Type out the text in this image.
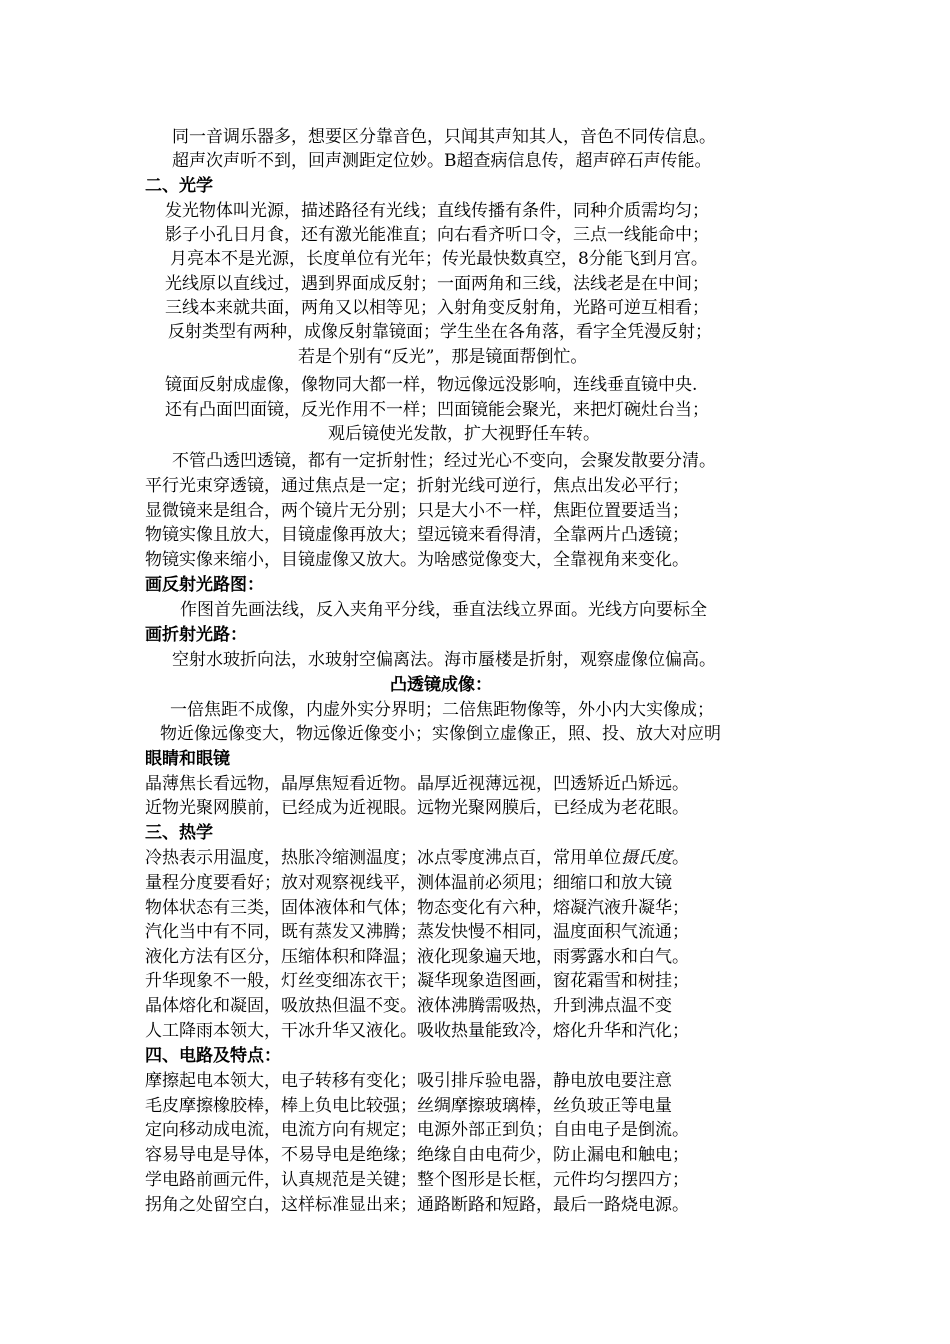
同一音调乐器多，想要区分靠音色，只闻其声知其人，音色不同传信息。
超声次声听不到，回声测距定位妙。B超查病信息传，超声碎石声传能。
二、光学
发光物体叫光源，描述路径有光线；直线传播有条件，同种介质需均匀；
影子小孔日月食，还有激光能准直；向右看齐听口令，三点一线能命中；
月亮本不是光源，长度单位有光年；传光最快数真空，8分能飞到月宫。
光线原以直线过，遇到界面成反射；一面两角和三线，法线老是在中间；
三线本来就共面，两角又以相等见；入射角变反射角，光路可逆互相看；
反射类型有两种，成像反射靠镜面；学生坐在各角落，看字全凭漫反射；
若是个别有“反光”，那是镜面帮倒忙。
镜面反射成虚像，像物同大都一样，物远像远没影响，连线垂直镜中央.
还有凸面凹面镜，反光作用不一样；凹面镜能会聚光，来把灯碗灶台当；
观后镜使光发散，扩大视野任车转。
不管凸透凹透镜，都有一定折射性；经过光心不变向，会聚发散要分清。
平行光束穿透镜，通过焦点是一定；折射光线可逆行，焦点出发必平行；
显微镜来是组合，两个镜片无分别；只是大小不一样，焦距位置要适当；
物镜实像且放大，目镜虚像再放大；望远镜来看得清，全靠两片凸透镜；
物镜实像来缩小，目镜虚像又放大。为啥感觉像变大，全靠视角来变化。
画反射光路图：
作图首先画法线，反入夹角平分线，垂直法线立界面。光线方向要标全
画折射光路：
空射水玻折向法，水玻射空偏离法。海市蜃楼是折射，观察虚像位偏高。
凸透镜成像：
一倍焦距不成像，内虚外实分界明；二倍焦距物像等，外小内大实像成；
物近像远像变大，物远像近像变小；实像倒立虚像正，照、投、放大对应明
眼睛和眼镜
晶薄焦长看远物，晶厚焦短看近物。晶厚近视薄远视，凹透矫近凸矫远。
近物光聚网膜前，已经成为近视眼。远物光聚网膜后，已经成为老花眼。
三、热学
冷热表示用温度，热胀冷缩测温度；冰点零度沸点百，常用单位摄氏度。
量程分度要看好；放对观察视线平，测体温前必须甩；细缩口和放大镜
物体状态有三类，固体液体和气体；物态变化有六种，熔凝汽液升凝华；
汽化当中有不同，既有蒸发又沸腾；蒸发快慢不相同，温度面积气流通；
液化方法有区分，压缩体积和降温；液化现象遍天地，雨雾露水和白气。
升华现象不一般，灯丝变细冻衣干；凝华现象造图画，窗花霜雪和树挂；
晶体熔化和凝固，吸放热但温不变。液体沸腾需吸热，升到沸点温不变
人工降雨本领大，干冰升华又液化。吸收热量能致冷，熔化升华和汽化；
四、电路及特点：
摩擦起电本领大，电子转移有变化；吸引排斥验电器，静电放电要注意
毛皮摩擦橡胶棒，棒上负电比较强；丝绸摩擦玻璃棒，丝负玻正等电量
定向移动成电流，电流方向有规定；电源外部正到负；自由电子是倒流。
容易导电是导体，不易导电是绝缘；绝缘自由电荷少，防止漏电和触电；
学电路前画元件，认真规范是关键；整个图形是长框，元件均匀摆四方；
拐角之处留空白，这样标准显出来；通路断路和短路，最后一路烧电源。
